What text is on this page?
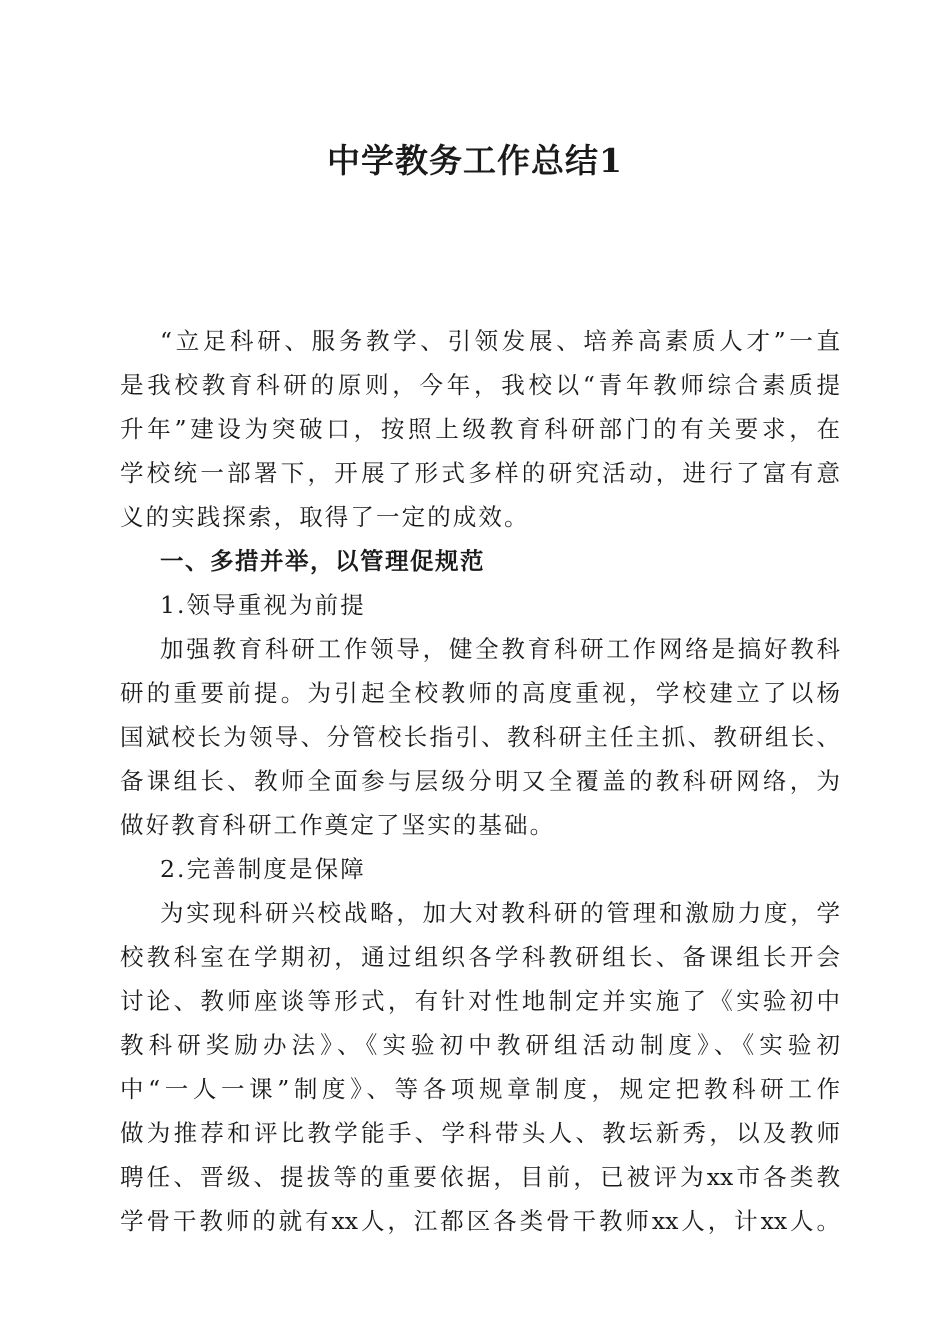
中学教务工作总结1
“立足科研、服务教学、引领发展、培养高素质人才”一直
是我校教育科研的原则，今年，我校以“青年教师综合素质提
升年”建设为突破口，按照上级教育科研部门的有关要求，在
学校统一部署下，开展了形式多样的研究活动，进行了富有意
义的实践探索，取得了一定的成效。
一、多措并举，以管理促规范
1.领导重视为前提
加强教育科研工作领导，健全教育科研工作网络是搞好教科
研的重要前提。为引起全校教师的高度重视，学校建立了以杨
国斌校长为领导、分管校长指引、教科研主任主抓、教研组长、
备课组长、教师全面参与层级分明又全覆盖的教科研网络，为
做好教育科研工作奠定了坚实的基础。
2.完善制度是保障
为实现科研兴校战略，加大对教科研的管理和激励力度，学
校教科室在学期初，通过组织各学科教研组长、备课组长开会
讨论、教师座谈等形式，有针对性地制定并实施了《实验初中
教科研奖励办法》、《实验初中教研组活动制度》、《实验初
中“一人一课”制度》、等各项规章制度，规定把教科研工作
做为推荐和评比教学能手、学科带头人、教坛新秀，以及教师
聘任、晋级、提拔等的重要依据，目前，已被评为xx市各类教
学骨干教师的就有xx人，江都区各类骨干教师xx人，计xx人。
